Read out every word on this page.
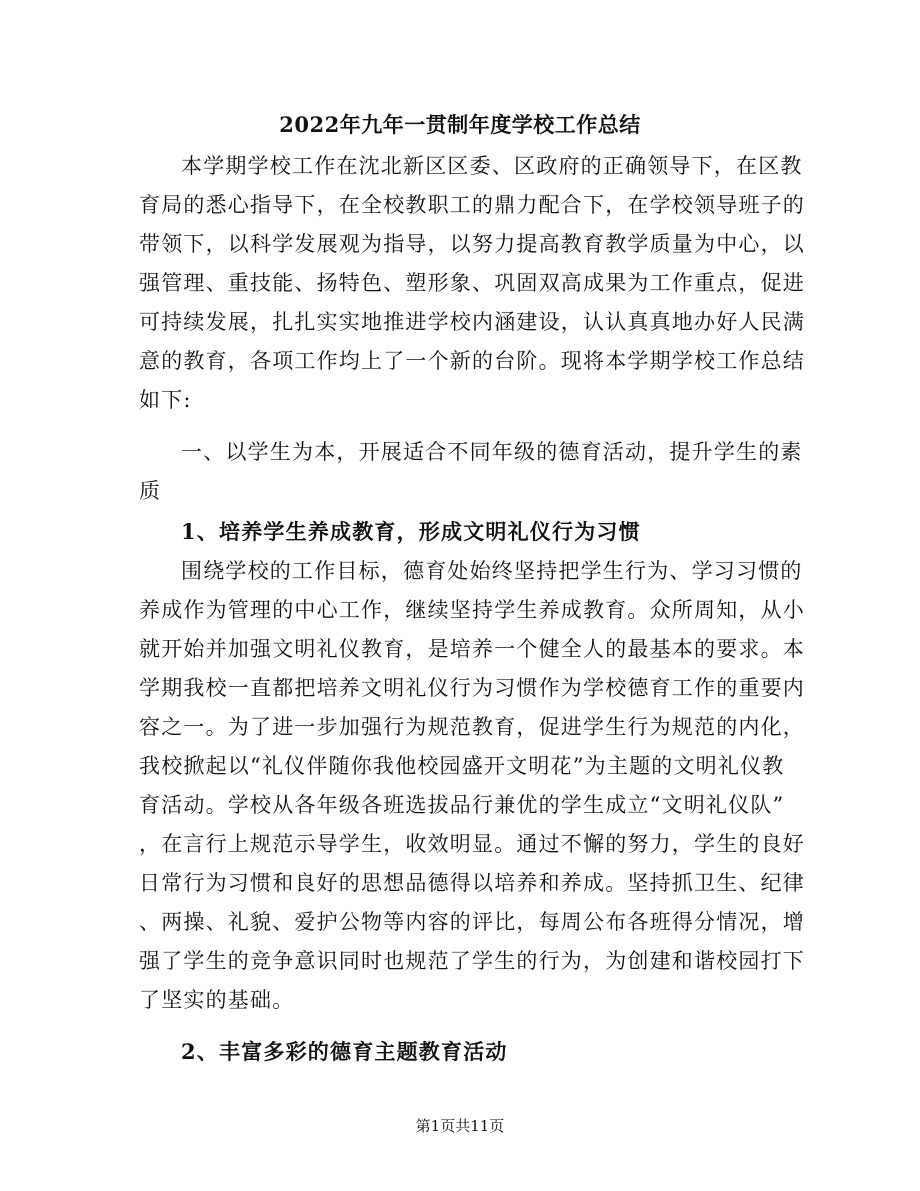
2022年九年一贯制年度学校工作总结
本学期学校工作在沈北新区区委、区政府的正确领导下，在区教
育局的悉心指导下，在全校教职工的鼎力配合下，在学校领导班子的
带领下，以科学发展观为指导，以努力提高教育教学质量为中心，以
强管理、重技能、扬特色、塑形象、巩固双高成果为工作重点，促进
可持续发展，扎扎实实地推进学校内涵建设，认认真真地办好人民满
意的教育，各项工作均上了一个新的台阶。现将本学期学校工作总结
如下:
一、以学生为本，开展适合不同年级的德育活动，提升学生的素
质
1、培养学生养成教育，形成文明礼仪行为习惯
围绕学校的工作目标，德育处始终坚持把学生行为、学习习惯的
养成作为管理的中心工作，继续坚持学生养成教育。众所周知，从小
就开始并加强文明礼仪教育，是培养一个健全人的最基本的要求。本
学期我校一直都把培养文明礼仪行为习惯作为学校德育工作的重要内
容之一。为了进一步加强行为规范教育，促进学生行为规范的内化，
我校掀起以“礼仪伴随你我他校园盛开文明花”为主题的文明礼仪教
育活动。学校从各年级各班选拔品行兼优的学生成立“文明礼仪队”
，在言行上规范示导学生，收效明显。通过不懈的努力，学生的良好
日常行为习惯和良好的思想品德得以培养和养成。坚持抓卫生、纪律
、两操、礼貌、爱护公物等内容的评比，每周公布各班得分情况，增
强了学生的竞争意识同时也规范了学生的行为，为创建和谐校园打下
了坚实的基础。
2、丰富多彩的德育主题教育活动
第1页共11页
